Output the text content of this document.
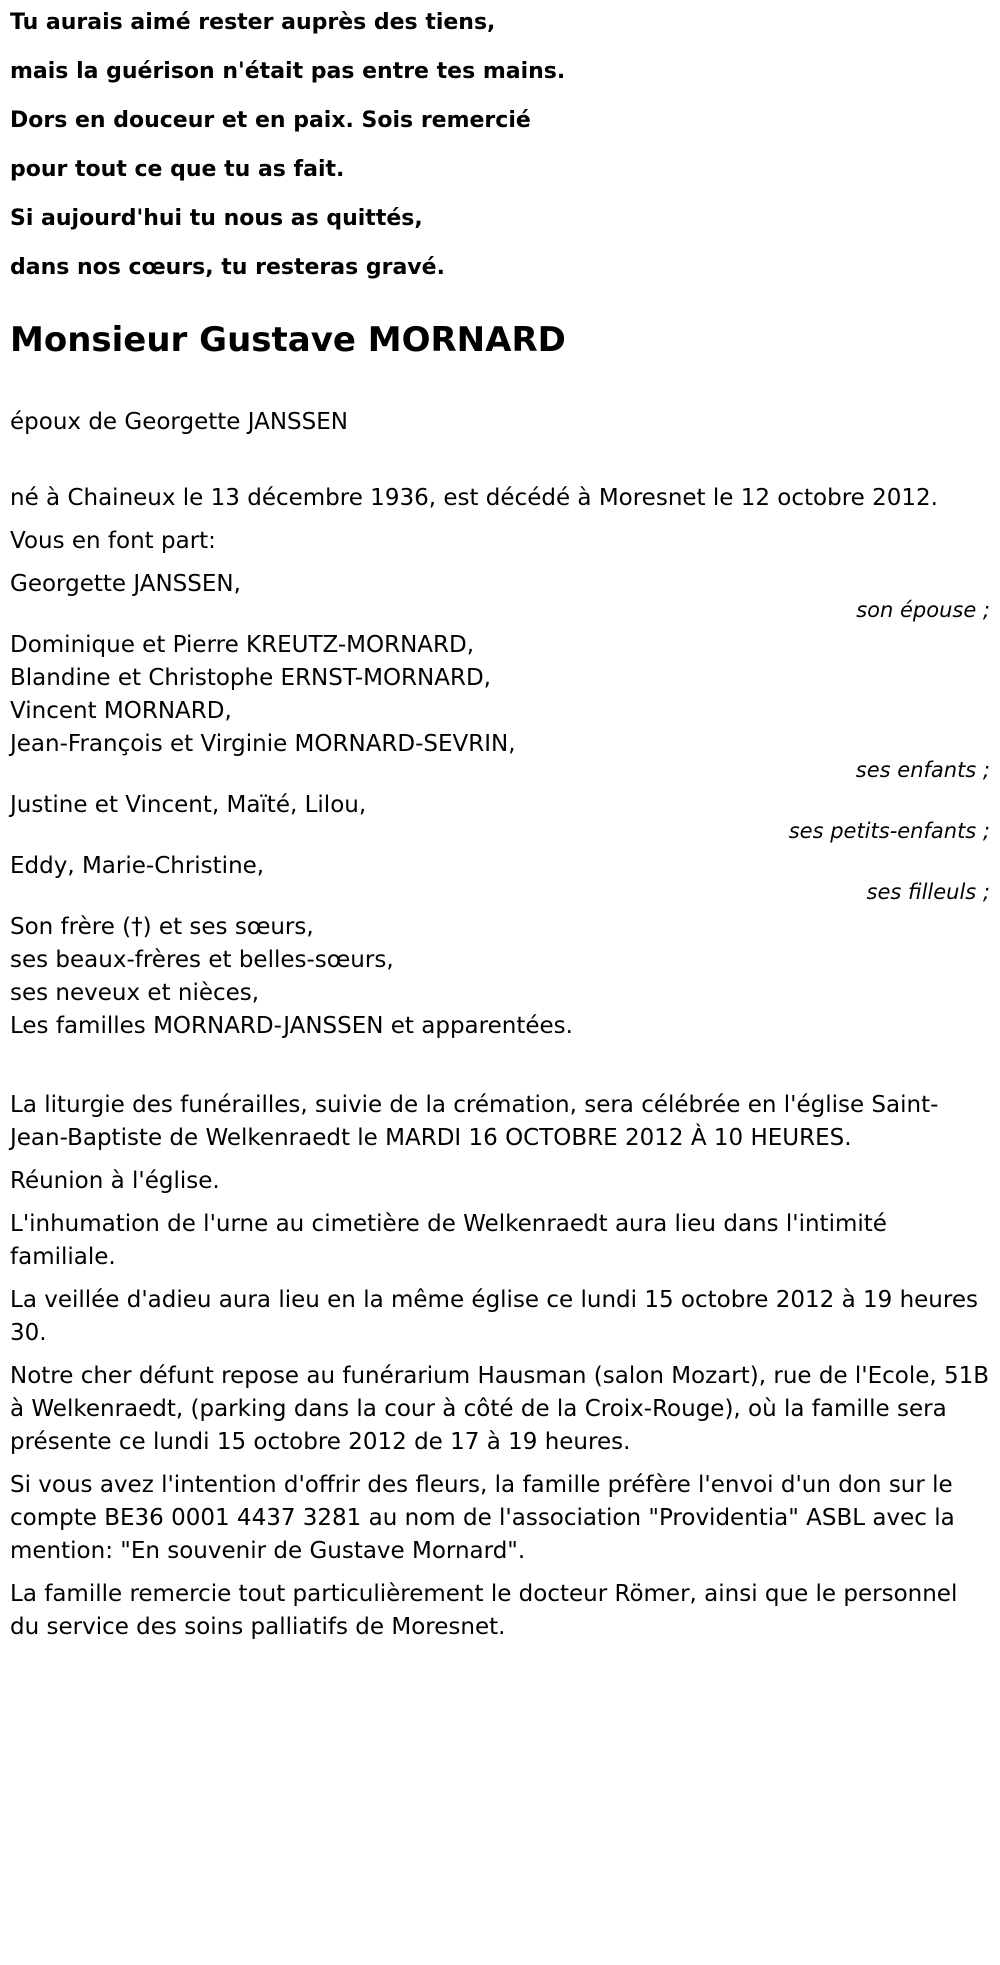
Tu aurais aimé rester auprès des tiens,

mais la guérison n'était pas entre tes mains.

Dors en douceur et en paix. Sois remercié

pour tout ce que tu as fait.

Si aujourd'hui tu nous as quittés,

dans nos cœurs, tu resteras gravé.

Monsieur Gustave MORNARD

époux de Georgette JANSSEN

né à Chaineux le 13 décembre 1936, est décédé à Moresnet le 12 octobre 2012.

Vous en font part:

Georgette JANSSEN,

son épouse ;

Dominique et Pierre KREUTZ-MORNARD,

Blandine et Christophe ERNST-MORNARD,

Vincent MORNARD,

Jean-François et Virginie MORNARD-SEVRIN,

ses enfants ;

Justine et Vincent, Maïté, Lilou,

ses petits-enfants ;

Eddy, Marie-Christine,

ses filleuls ;

Son frère (†) et ses sœurs,

ses beaux-frères et belles-sœurs,

ses neveux et nièces,

Les familles MORNARD-JANSSEN et apparentées.

La liturgie des funérailles, suivie de la crémation, sera célébrée en l'église Saint-Jean-Baptiste de Welkenraedt le MARDI 16 OCTOBRE 2012 À 10 HEURES.

Réunion à l'église.

L'inhumation de l'urne au cimetière de Welkenraedt aura lieu dans l'intimité familiale.

La veillée d'adieu aura lieu en la même église ce lundi 15 octobre 2012 à 19 heures 30.

Notre cher défunt repose au funérarium Hausman (salon Mozart), rue de l'Ecole, 51B à Welkenraedt, (parking dans la cour à côté de la Croix-Rouge), où la famille sera présente ce lundi 15 octobre 2012 de 17 à 19 heures.

Si vous avez l'intention d'offrir des fleurs, la famille préfère l'envoi d'un don sur le compte BE36 0001 4437 3281 au nom de l'association "Providentia" ASBL avec la mention: "En souvenir de Gustave Mornard".

La famille remercie tout particulièrement le docteur Römer, ainsi que le personnel du service des soins palliatifs de Moresnet.
